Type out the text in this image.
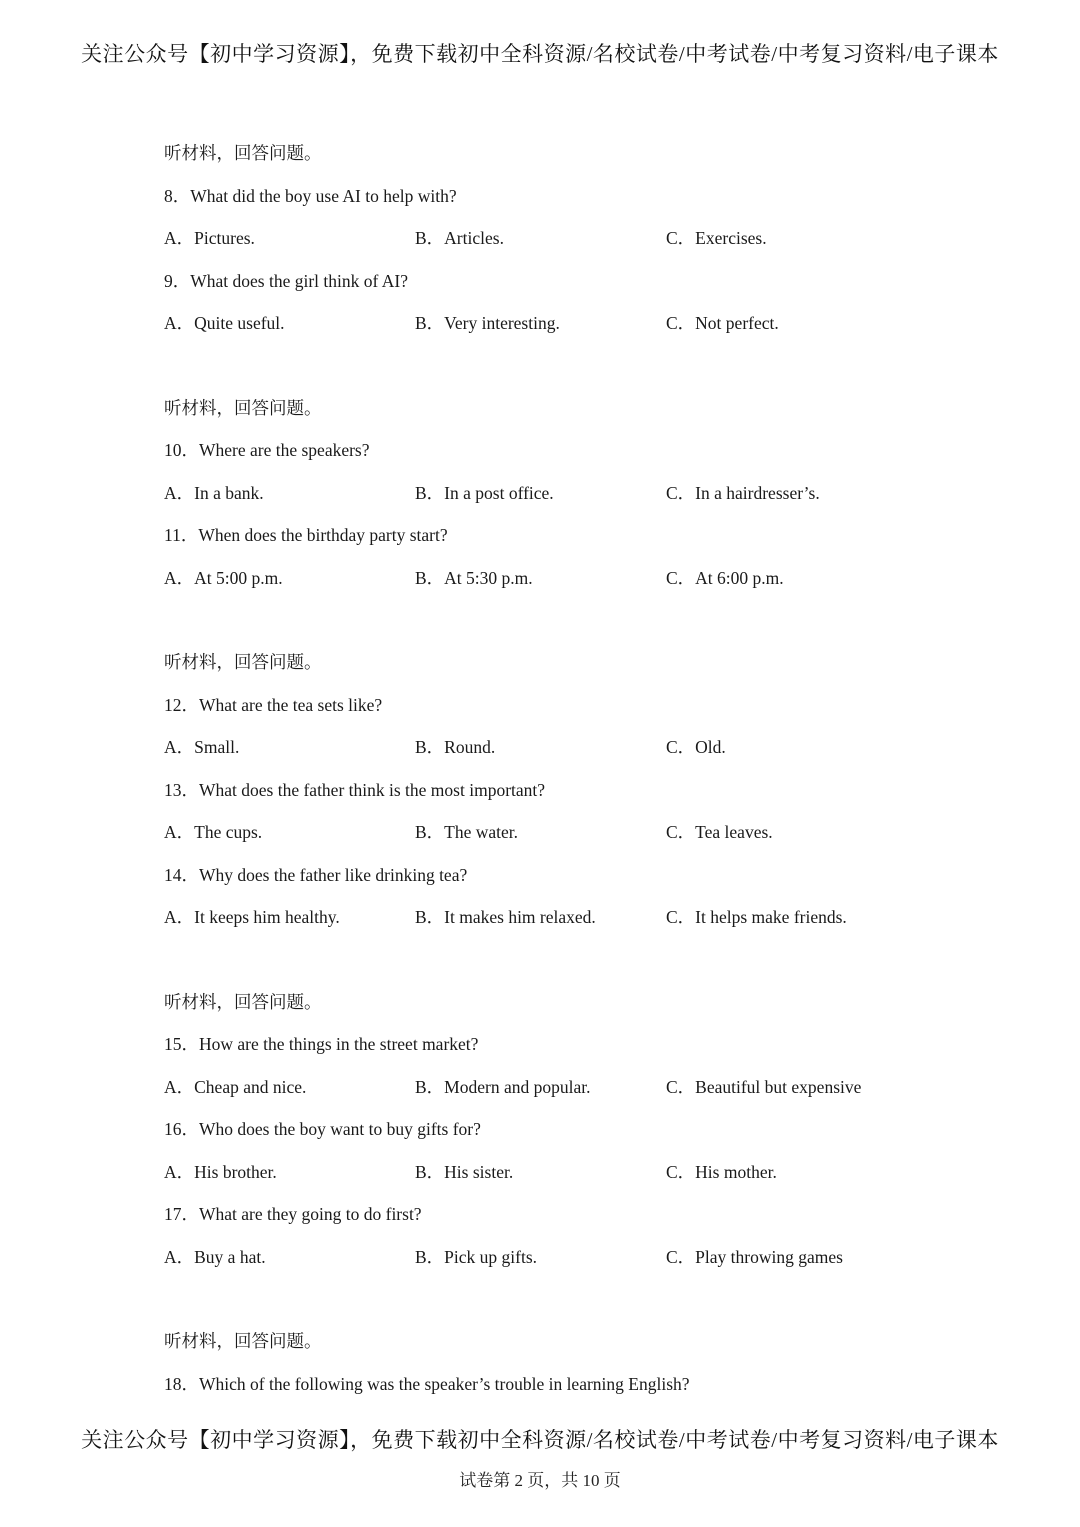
关注公众号【初中学习资源】，免费下载初中全科资源/名校试卷/中考试卷/中考复习资料/电子课本
听材料，回答问题。
8．What did the boy use AI to help with?
A．Pictures.	B．Articles.	C．Exercises.
9．What does the girl think of AI?
A．Quite useful.	B．Very interesting.	C．Not perfect.
听材料，回答问题。
10．Where are the speakers?
A．In a bank.	B．In a post office.	C．In a hairdresser’s.
11．When does the birthday party start?
A．At 5:00 p.m.	B．At 5:30 p.m.	C．At 6:00 p.m.
听材料，回答问题。
12．What are the tea sets like?
A．Small.	B．Round.	C．Old.
13．What does the father think is the most important?
A．The cups.	B．The water.	C．Tea leaves.
14．Why does the father like drinking tea?
A．It keeps him healthy.	B．It makes him relaxed.	C．It helps make friends.
听材料，回答问题。
15．How are the things in the street market?
A．Cheap and nice.	B．Modern and popular.	C．Beautiful but expensive
16．Who does the boy want to buy gifts for?
A．His brother.	B．His sister.	C．His mother.
17．What are they going to do first?
A．Buy a hat.	B．Pick up gifts.	C．Play throwing games
听材料，回答问题。
18．Which of the following was the speaker’s trouble in learning English?
关注公众号【初中学习资源】，免费下载初中全科资源/名校试卷/中考试卷/中考复习资料/电子课本
试卷第 2 页，共 10 页
